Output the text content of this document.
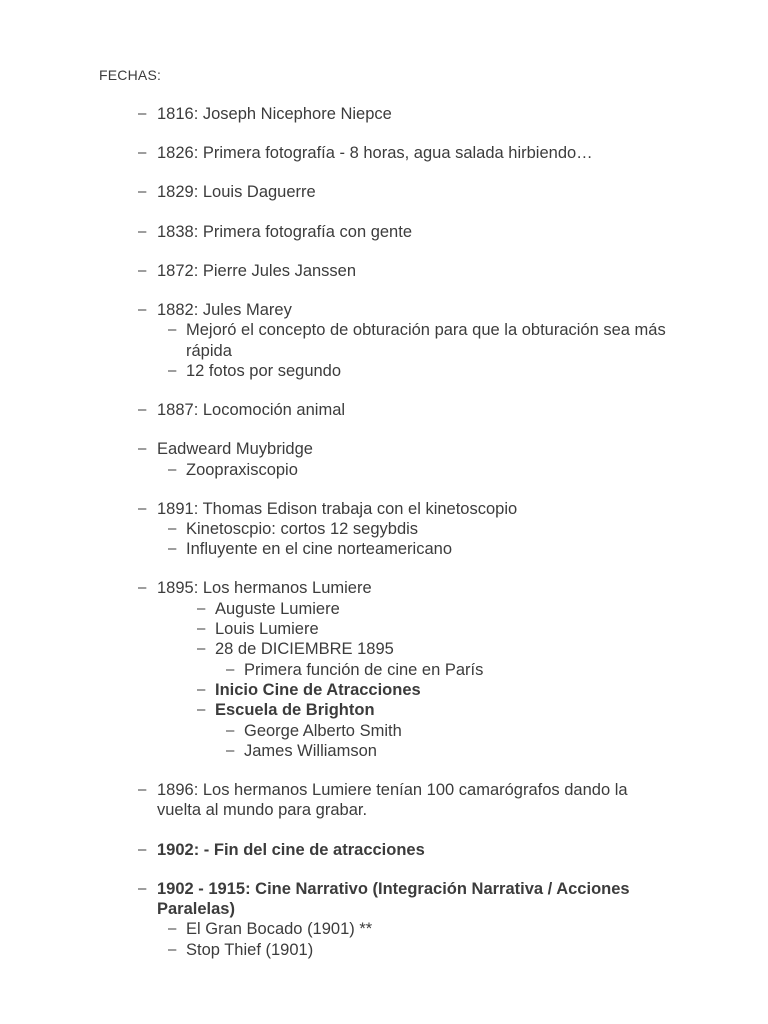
FECHAS:
– 1816: Joseph Nicephore Niepce
– 1826: Primera fotografía - 8 horas, agua salada hirbiendo…
– 1829: Louis Daguerre
– 1838: Primera fotografía con gente
– 1872: Pierre Jules Janssen
– 1882: Jules Marey
– Mejoró el concepto de obturación para que la obturación sea más rápida
– 12 fotos por segundo
– 1887: Locomoción animal
– Eadweard Muybridge
– Zoopraxiscopio
– 1891: Thomas Edison trabaja con el kinetoscopio
– Kinetoscpio: cortos 12 segybdis
– Influyente en el cine norteamericano
– 1895: Los hermanos Lumiere
– Auguste Lumiere
– Louis Lumiere
– 28 de DICIEMBRE 1895
– Primera función de cine en París
– Inicio Cine de Atracciones
– Escuela de Brighton
– George Alberto Smith
– James Williamson
– 1896: Los hermanos Lumiere tenían 100 camarógrafos dando la vuelta al mundo para grabar.
– 1902: - Fin del cine de atracciones
– 1902 - 1915: Cine Narrativo (Integración Narrativa / Acciones Paralelas)
– El Gran Bocado (1901) **
– Stop Thief (1901)
